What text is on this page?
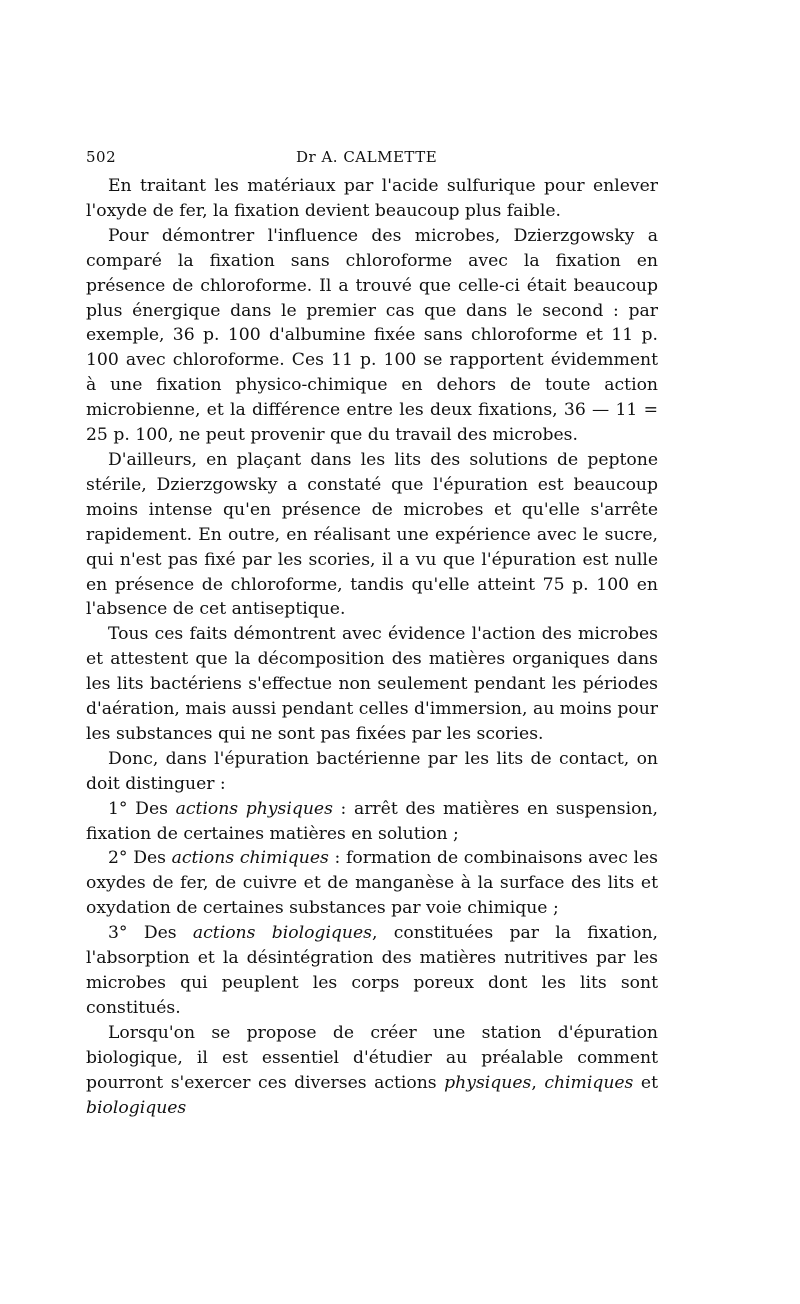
502	Dr A. CALMETTE

En traitant les matériaux par l'acide sulfurique pour enlever l'oxyde de fer, la fixation devient beaucoup plus faible.

Pour démontrer l'influence des microbes, Dzierzgowsky a comparé la fixation sans chloroforme avec la fixation en présence de chloroforme. Il a trouvé que celle-ci était beaucoup plus énergique dans le premier cas que dans le second : par exemple, 36 p. 100 d'albumine fixée sans chloroforme et 11 p. 100 avec chloroforme. Ces 11 p. 100 se rapportent évidemment à une fixation physico-chimique en dehors de toute action microbienne, et la différence entre les deux fixations, 36 — 11 = 25 p. 100, ne peut provenir que du travail des microbes.

D'ailleurs, en plaçant dans les lits des solutions de peptone stérile, Dzierzgowsky a constaté que l'épuration est beaucoup moins intense qu'en présence de microbes et qu'elle s'arrête rapidement. En outre, en réalisant une expérience avec le sucre, qui n'est pas fixé par les scories, il a vu que l'épuration est nulle en présence de chloroforme, tandis qu'elle atteint 75 p. 100 en l'absence de cet antiseptique.

Tous ces faits démontrent avec évidence l'action des microbes et attestent que la décomposition des matières organiques dans les lits bactériens s'effectue non seulement pendant les périodes d'aération, mais aussi pendant celles d'immersion, au moins pour les substances qui ne sont pas fixées par les scories.

Donc, dans l'épuration bactérienne par les lits de contact, on doit distinguer :

1° Des actions physiques : arrêt des matières en suspension, fixation de certaines matières en solution ;

2° Des actions chimiques : formation de combinaisons avec les oxydes de fer, de cuivre et de manganèse à la surface des lits et oxydation de certaines substances par voie chimique ;

3° Des actions biologiques, constituées par la fixation, l'absorption et la désintégration des matières nutritives par les microbes qui peuplent les corps poreux dont les lits sont constitués.

Lorsqu'on se propose de créer une station d'épuration biologique, il est essentiel d'étudier au préalable comment pourront s'exercer ces diverses actions physiques, chimiques et biologiques
